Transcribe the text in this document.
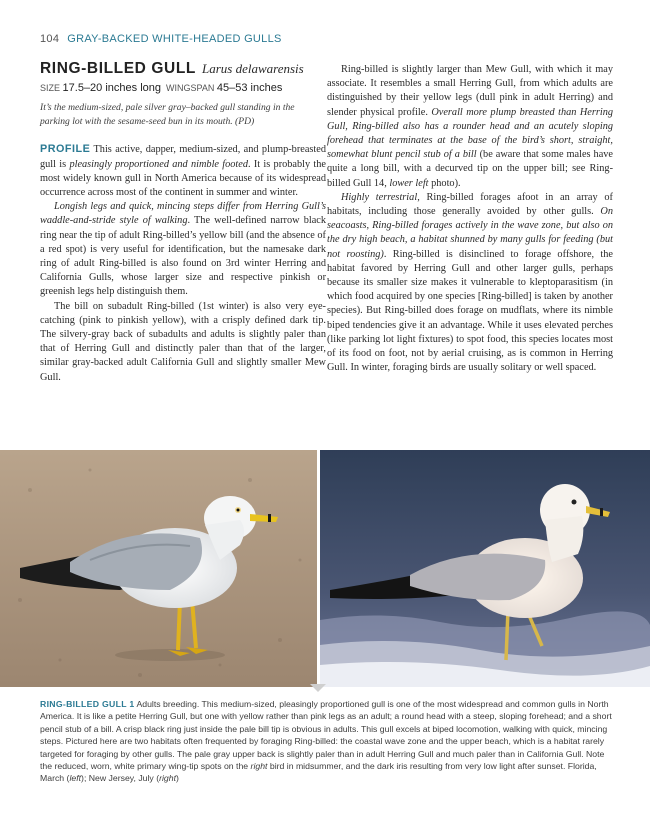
104 GRAY-BACKED WHITE-HEADED GULLS
RING-BILLED GULL Larus delawarensis
SIZE 17.5–20 inches long WINGSPAN 45–53 inches
It’s the medium-sized, pale silver gray–backed gull standing in the parking lot with the sesame-seed bun in its mouth. (PD)

PROFILE This active, dapper, medium-sized, and plump-breasted gull is pleasingly proportioned and nimble footed. It is probably the most widely known gull in North America because of its widespread occurrence across most of the continent in summer and winter.

Longish legs and quick, mincing steps differ from Herring Gull’s waddle-and-stride style of walking. The well-defined narrow black ring near the tip of adult Ring-billed’s yellow bill (and the absence of a red spot) is very useful for identification, but the namesake dark ring of adult Ring-billed is also found on 3rd winter Herring and California Gulls, whose larger size and respective pinkish or greenish legs help distinguish them.

The bill on subadult Ring-billed (1st winter) is also very eye-catching (pink to pinkish yellow), with a crisply defined dark tip. The silvery-gray back of subadults and adults is slightly paler than that of Herring Gull and distinctly paler than that of the larger, similar gray-backed adult California Gull and slightly smaller Mew Gull.

Ring-billed is slightly larger than Mew Gull, with which it may associate. It resembles a small Herring Gull, from which adults are distinguished by their yellow legs (dull pink in adult Herring) and slender physical profile. Overall more plump breasted than Herring Gull, Ring-billed also has a rounder head and an acutely sloping forehead that terminates at the base of the bird’s short, straight, somewhat blunt pencil stub of a bill (be aware that some males have quite a long bill, with a decurved tip on the upper bill; see Ring-billed Gull 14, lower left photo).

Highly terrestrial, Ring-billed forages afoot in an array of habitats, including those generally avoided by other gulls. On seacoasts, Ring-billed forages actively in the wave zone, but also on the dry high beach, a habitat shunned by many gulls for feeding (but not roosting). Ring-billed is disinclined to forage offshore, the habitat favored by Herring Gull and other larger gulls, perhaps because its smaller size makes it vulnerable to kleptoparasitism (in which food acquired by one species [Ring-billed] is taken by another species). But Ring-billed does forage on mudflats, where its nimble biped tendencies give it an advantage. While it uses elevated perches (like parking lot light fixtures) to spot food, this species locates most of its food on foot, not by aerial cruising, as is common in Herring Gull. In winter, foraging birds are usually solitary or well spaced.

RING-BILLED GULL 1 Adults breeding. This medium-sized, pleasingly proportioned gull is one of the most widespread and common gulls in North America. It is like a petite Herring Gull, but one with yellow rather than pink legs as an adult; a round head with a steep, sloping forehead; and a short pencil stub of a bill. A crisp black ring just inside the pale bill tip is obvious in adults. This gull excels at biped locomotion, walking with quick, mincing steps. Pictured here are two habitats often frequented by foraging Ring-billed: the coastal wave zone and the upper beach, which is a habitat rarely targeted for foraging by other gulls. The pale gray upper back is slightly paler than in adult Herring Gull and much paler than in California Gull. Note the reduced, worn, white primary wing-tip spots on the right bird in midsummer, and the dark iris resulting from very low light after sunset. Florida, March (left); New Jersey, July (right)
